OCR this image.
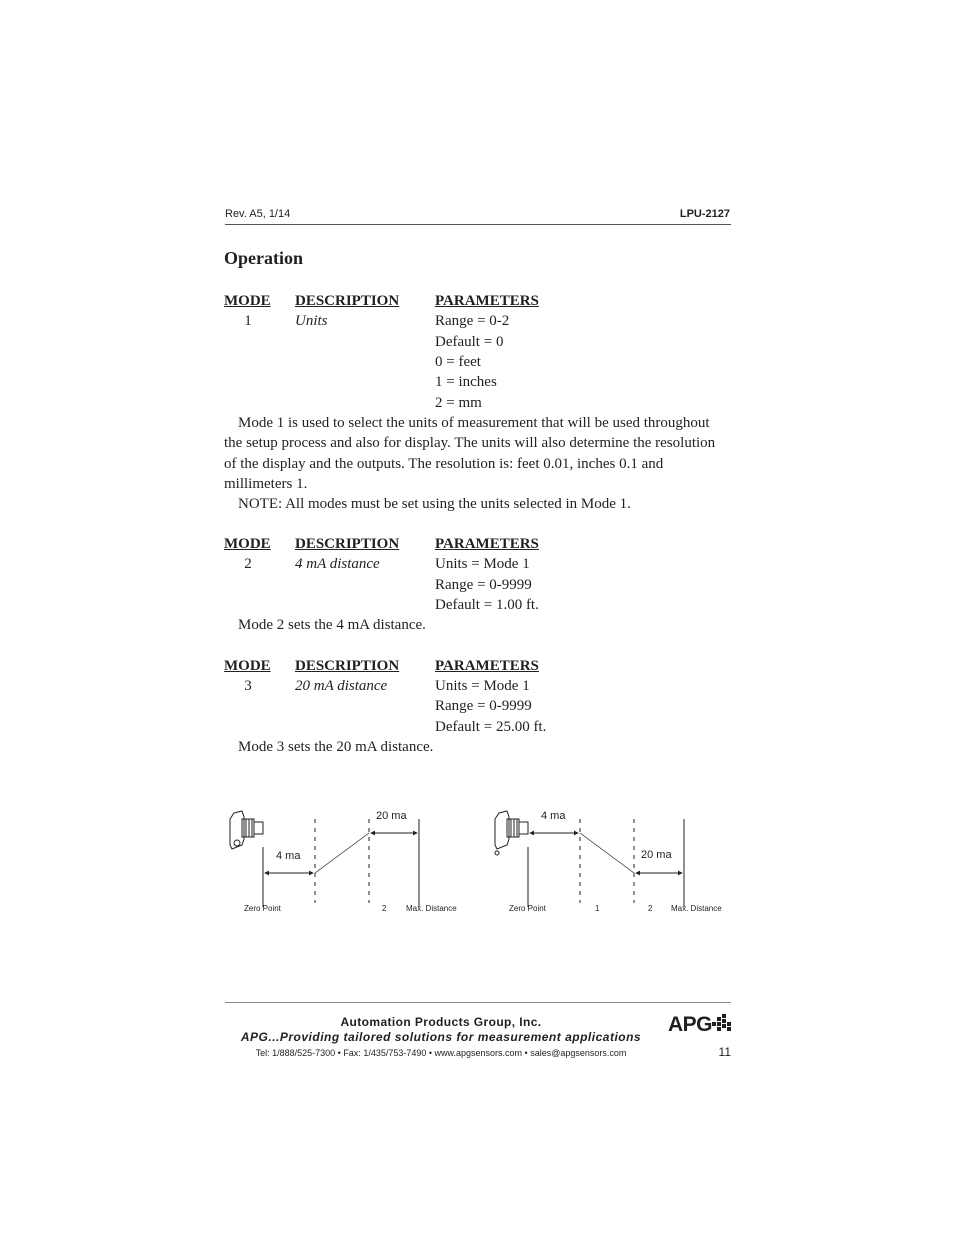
Rev. A5, 1/14	LPU-2127
Operation
MODE DESCRIPTION PARAMETERS
1	Units	Range = 0-2
Default = 0
0 = feet
1 = inches
2 = mm
Mode 1 is used to select the units of measurement that will be used throughout the setup process and also for display. The units will also determine the resolution of the display and the outputs. The resolution is: feet 0.01, inches 0.1 and millimeters 1.
NOTE: All modes must be set using the units selected in Mode 1.
MODE DESCRIPTION PARAMETERS
2	4 mA distance	Units = Mode 1
Range = 0-9999
Default = 1.00 ft.
Mode 2 sets the 4 mA distance.
MODE DESCRIPTION PARAMETERS
3	20 mA distance	Units = Mode 1
Range = 0-9999
Default = 25.00 ft.
Mode 3 sets the 20 mA distance.
4 ma
20 ma
Zero Point	2 Max. Distance
4 ma
20 ma
Zero Point	1	2 Max. Distance
Automation Products Group, Inc.
APG...Providing tailored solutions for measurement applications
Tel: 1/888/525-7300 • Fax: 1/435/753-7490 • www.apgsensors.com • sales@apgsensors.com
APG
11
